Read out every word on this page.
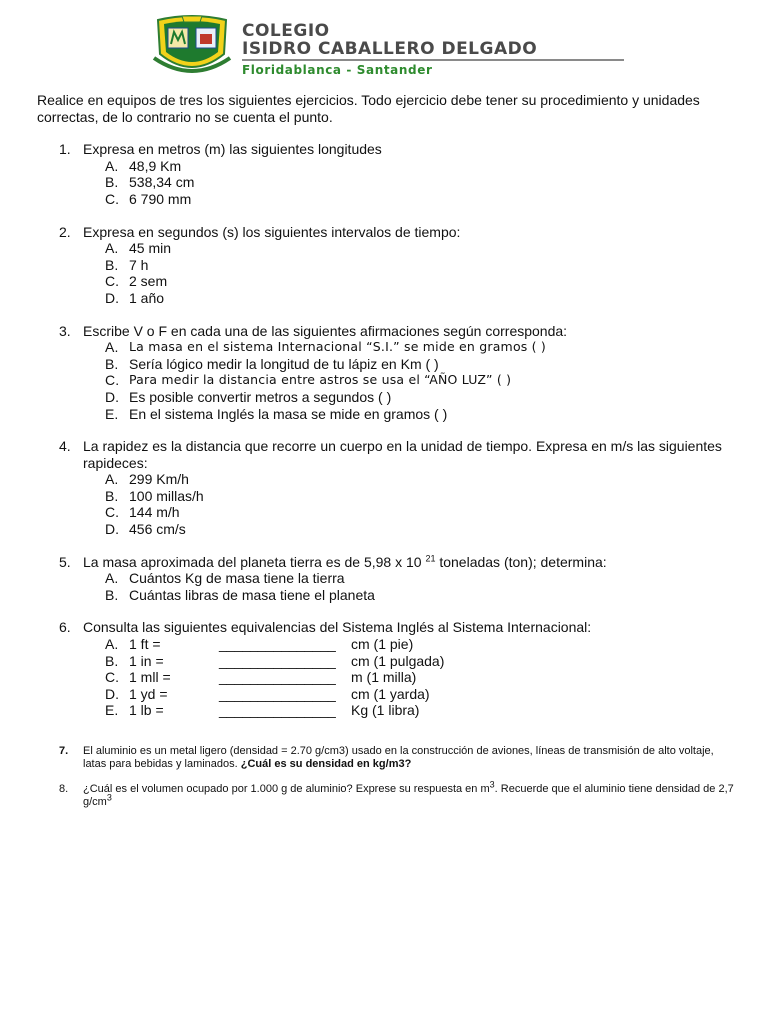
COLEGIO
ISIDRO CABALLERO DELGADO
Floridablanca - Santander

Realice en equipos de tres los siguientes ejercicios. Todo ejercicio debe tener su procedimiento y unidades correctas, de lo contrario no se cuenta el punto.

1. Expresa en metros (m) las siguientes longitudes
A. 48,9 Km
B. 538,34 cm
C. 6 790 mm
2. Expresa en segundos (s) los siguientes intervalos de tiempo:
A. 45 min
B. 7 h
C. 2 sem
D. 1 año
3. Escribe V o F en cada una de las siguientes afirmaciones según corresponda:
A. La masa en el sistema Internacional “S.I.” se mide en gramos ( )
B. Sería lógico medir la longitud de tu lápiz en Km ( )
C. Para medir la distancia entre astros se usa el “AÑO LUZ” ( )
D. Es posible convertir metros a segundos ( )
E. En el sistema Inglés la masa se mide en gramos ( )
4. La rapidez es la distancia que recorre un cuerpo en la unidad de tiempo. Expresa en m/s las siguientes rapideces:
A. 299 Km/h
B. 100 millas/h
C. 144 m/h
D. 456 cm/s
5. La masa aproximada del planeta tierra es de 5,98 x 10 $^{21}$ toneladas (ton); determina:
A. Cuántos Kg de masa tiene la tierra
B. Cuántas libras de masa tiene el planeta
6. Consulta las siguientes equivalencias del Sistema Inglés al Sistema Internacional:
A. 1 ft =	_______________	cm (1 pie)
B. 1 in =	_______________	cm (1 pulgada)
C. 1 mll =	_______________	m (1 milla)
D. 1 yd =	_______________	cm (1 yarda)
E. 1 lb =	_______________	Kg (1 libra)
7. El aluminio es un metal ligero (densidad = 2.70 g/cm3) usado en la construcción de aviones, líneas de transmisión de alto voltaje, latas para bebidas y laminados. ¿Cuál es su densidad en kg/m3?
8. ¿Cuál es el volumen ocupado por 1.000 g de aluminio? Exprese su respuesta en $m^3$. Recuerde que el aluminio tiene densidad de 2,7 $g/cm^3$
